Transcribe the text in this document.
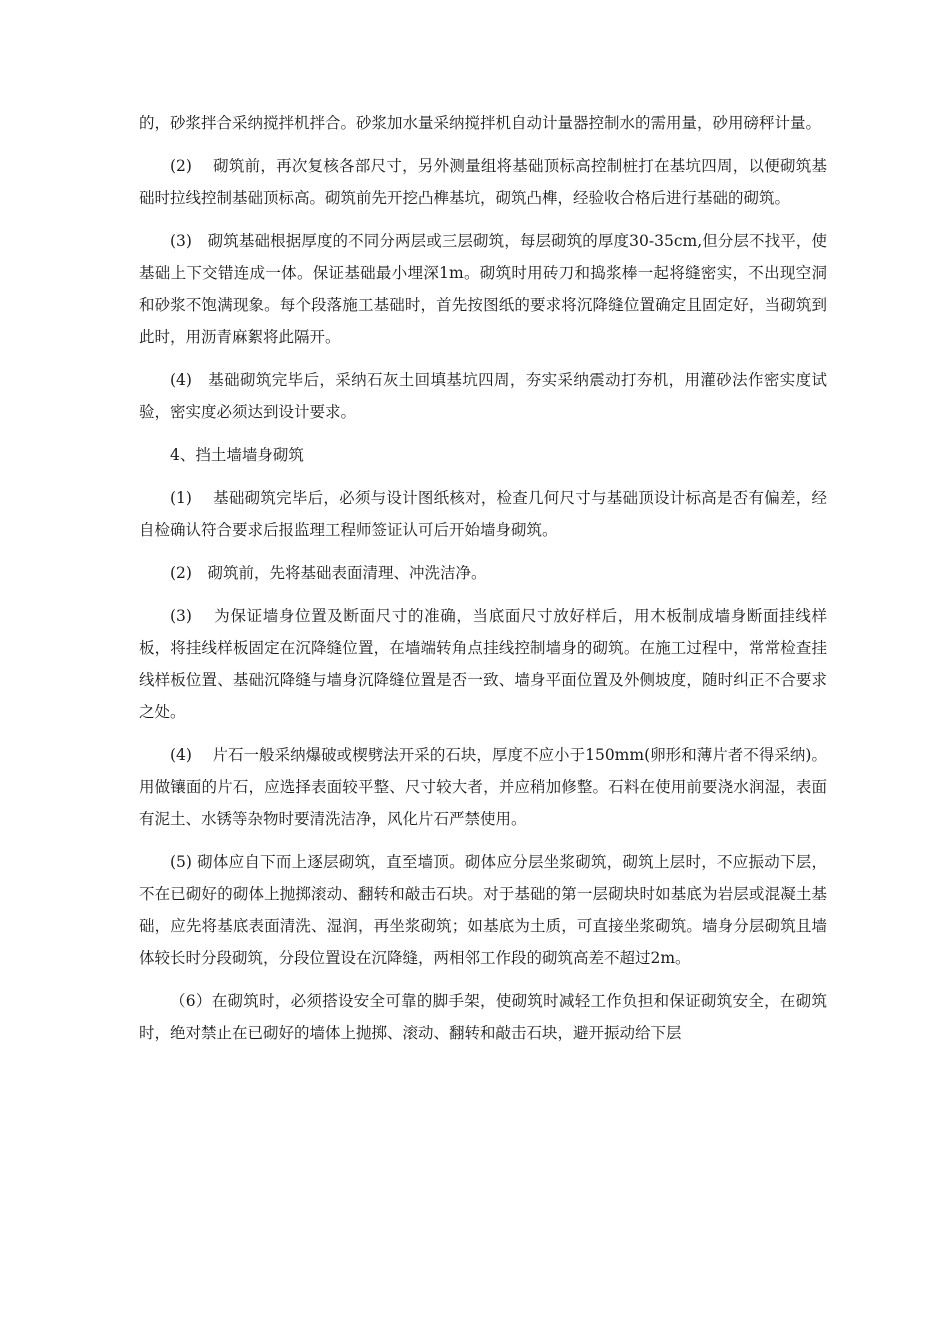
的，砂浆拌合采纳搅拌机拌合。砂浆加水量采纳搅拌机自动计量器控制水的需用量，砂用磅秤计量。

(2)　 砌筑前，再次复核各部尺寸，另外测量组将基础顶标高控制桩打在基坑四周，以便砌筑基础时拉线控制基础顶标高。砌筑前先开挖凸榫基坑，砌筑凸榫，经验收合格后进行基础的砌筑。

(3)　砌筑基础根据厚度的不同分两层或三层砌筑，每层砌筑的厚度30-35cm,但分层不找平，使基础上下交错连成一体。保证基础最小埋深1m。砌筑时用砖刀和捣浆棒一起将缝密实，不出现空洞和砂浆不饱满现象。每个段落施工基础时，首先按图纸的要求将沉降缝位置确定且固定好，当砌筑到此时，用沥青麻絮将此隔开。

(4)　基础砌筑完毕后，采纳石灰土回填基坑四周，夯实采纳震动打夯机，用灌砂法作密实度试验，密实度必须达到设计要求。

4、挡土墙墙身砌筑

(1)　 基础砌筑完毕后，必须与设计图纸核对，检查几何尺寸与基础顶设计标高是否有偏差，经自检确认符合要求后报监理工程师签证认可后开始墙身砌筑。

(2)　砌筑前，先将基础表面清理、冲洗洁净。

(3)　 为保证墙身位置及断面尺寸的准确，当底面尺寸放好样后，用木板制成墙身断面挂线样板，将挂线样板固定在沉降缝位置，在墙端转角点挂线控制墙身的砌筑。在施工过程中，常常检查挂线样板位置、基础沉降缝与墙身沉降缝位置是否一致、墙身平面位置及外侧坡度，随时纠正不合要求之处。

(4)　 片石一般采纳爆破或楔劈法开采的石块，厚度不应小于150mm(卵形和薄片者不得采纳)。用做镶面的片石，应选择表面较平整、尺寸较大者，并应稍加修整。石料在使用前要浇水润湿，表面有泥土、水锈等杂物时要清洗洁净，风化片石严禁使用。

(5) 砌体应自下而上逐层砌筑，直至墙顶。砌体应分层坐浆砌筑，砌筑上层时，不应振动下层，不在已砌好的砌体上抛掷滚动、翻转和敲击石块。对于基础的第一层砌块时如基底为岩层或混凝土基础，应先将基底表面清洗、湿润，再坐浆砌筑；如基底为土质，可直接坐浆砌筑。墙身分层砌筑且墙体较长时分段砌筑，分段位置设在沉降缝，两相邻工作段的砌筑高差不超过2m。

（6）在砌筑时，必须搭设安全可靠的脚手架，使砌筑时减轻工作负担和保证砌筑安全，在砌筑时，绝对禁止在已砌好的墙体上抛掷、滚动、翻转和敲击石块，避开振动给下层
